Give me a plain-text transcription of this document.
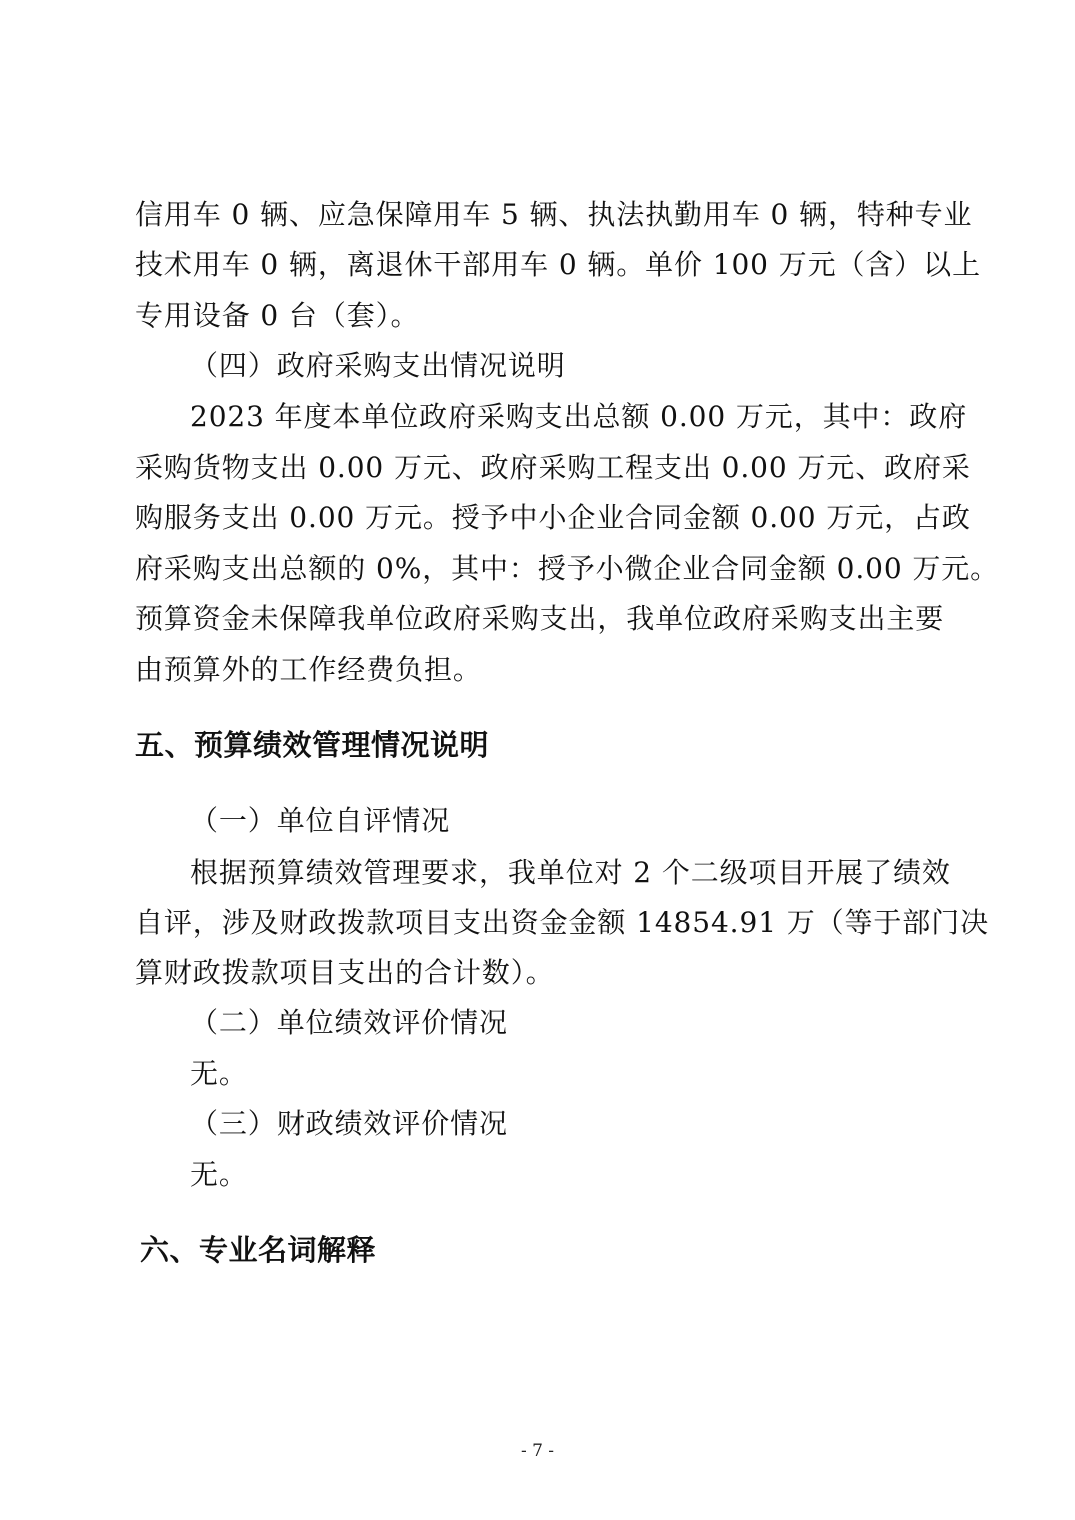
信用车 0 辆、应急保障用车 5 辆、执法执勤用车 0 辆，特种专业
技术用车 0 辆，离退休干部用车 0 辆。单价 100 万元（含）以上
专用设备 0 台（套）。
（四）政府采购支出情况说明
2023 年度本单位政府采购支出总额 0.00 万元，其中：政府
采购货物支出 0.00 万元、政府采购工程支出 0.00 万元、政府采
购服务支出 0.00 万元。授予中小企业合同金额 0.00 万元，占政
府采购支出总额的 0%，其中：授予小微企业合同金额 0.00 万元。
预算资金未保障我单位政府采购支出，我单位政府采购支出主要
由预算外的工作经费负担。
五、预算绩效管理情况说明
（一）单位自评情况
根据预算绩效管理要求，我单位对 2 个二级项目开展了绩效
自评，涉及财政拨款项目支出资金金额 14854.91 万（等于部门决
算财政拨款项目支出的合计数）。
（二）单位绩效评价情况
无。
（三）财政绩效评价情况
无。
六、专业名词解释
- 7 -
